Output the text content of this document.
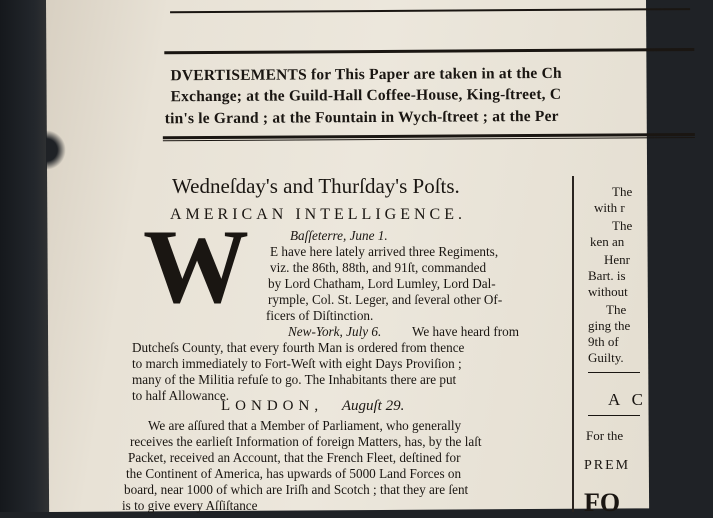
DVERTISEMENTS for This Paper are taken in at the Ch
Exchange; at the Guild-Hall Coffee-House, King-ſtreet, C
tin's le Grand ; at the Fountain in Wych-ſtreet ; at the Per
Wedneſday's and Thurſday's Poſts.
AMERICAN INTELLIGENCE.
W	Baſſeterre, June 1.
E have here lately arrived three Regiments,
viz. the 86th, 88th, and 91ſt, commanded
by Lord Chatham, Lord Lumley, Lord Dal-
rymple, Col. St. Leger, and ſeveral other Of-
ficers of Diſtinction.
New-York, July 6. We have heard from
Dutcheſs County, that every fourth Man is ordered from thence
to march immediately to Fort-Weſt with eight Days Proviſion ;
many of the Militia refuſe to go. The Inhabitants there are put
to half Allowance.
LONDON, Auguſt 29.
We are aſſured that a Member of Parliament, who generally
receives the earlieſt Information of foreign Matters, has, by the laſt
Packet, received an Account, that the French Fleet, deſtined for
the Continent of America, has upwards of 5000 Land Forces on
board, near 1000 of which are Iriſh and Scotch ; that they are ſent
is to give every Aſſiſtance
The
with r
The
ken an
Henr
Bart. is
without
The
ging the
9th of
Guilty.
A C
For the
PREM
FO
